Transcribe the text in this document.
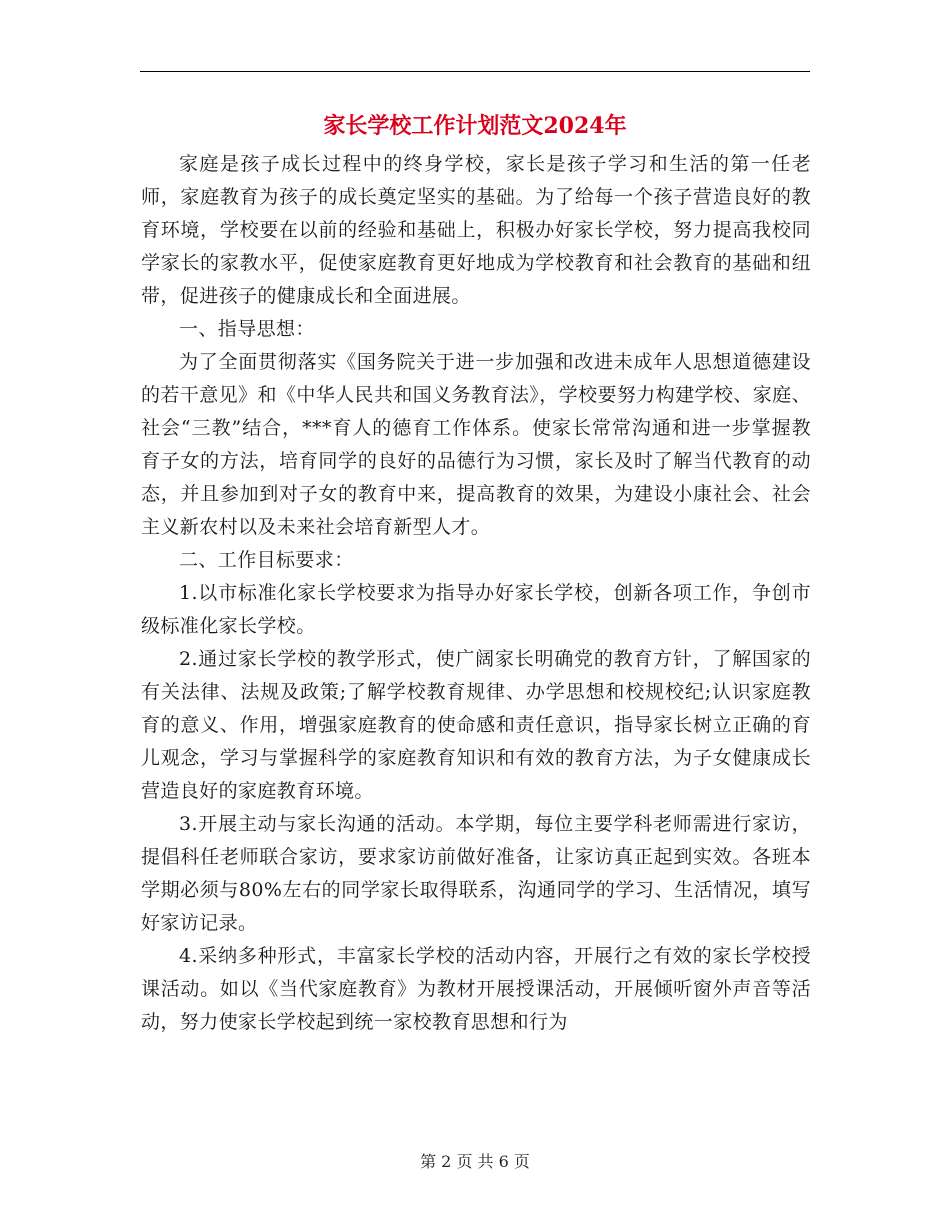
家长学校工作计划范文2024年

家庭是孩子成长过程中的终身学校，家长是孩子学习和生活的第一任老师，家庭教育为孩子的成长奠定坚实的基础。为了给每一个孩子营造良好的教育环境，学校要在以前的经验和基础上，积极办好家长学校，努力提高我校同学家长的家教水平，促使家庭教育更好地成为学校教育和社会教育的基础和纽带，促进孩子的健康成长和全面进展。

一、指导思想：

为了全面贯彻落实《国务院关于进一步加强和改进未成年人思想道德建设的若干意见》和《中华人民共和国义务教育法》，学校要努力构建学校、家庭、社会“三教”结合，***育人的德育工作体系。使家长常常沟通和进一步掌握教育子女的方法，培育同学的良好的品德行为习惯，家长及时了解当代教育的动态，并且参加到对子女的教育中来，提高教育的效果，为建设小康社会、社会主义新农村以及未来社会培育新型人才。

二、工作目标要求：

1.以市标准化家长学校要求为指导办好家长学校，创新各项工作，争创市级标准化家长学校。

2.通过家长学校的教学形式，使广阔家长明确党的教育方针，了解国家的有关法律、法规及政策;了解学校教育规律、办学思想和校规校纪;认识家庭教育的意义、作用，增强家庭教育的使命感和责任意识，指导家长树立正确的育儿观念，学习与掌握科学的家庭教育知识和有效的教育方法，为子女健康成长营造良好的家庭教育环境。

3.开展主动与家长沟通的活动。本学期，每位主要学科老师需进行家访，提倡科任老师联合家访，要求家访前做好准备，让家访真正起到实效。各班本学期必须与80%左右的同学家长取得联系，沟通同学的学习、生活情况，填写好家访记录。

4.采纳多种形式，丰富家长学校的活动内容，开展行之有效的家长学校授课活动。如以《当代家庭教育》为教材开展授课活动，开展倾听窗外声音等活动，努力使家长学校起到统一家校教育思想和行为

第 2 页 共 6 页
